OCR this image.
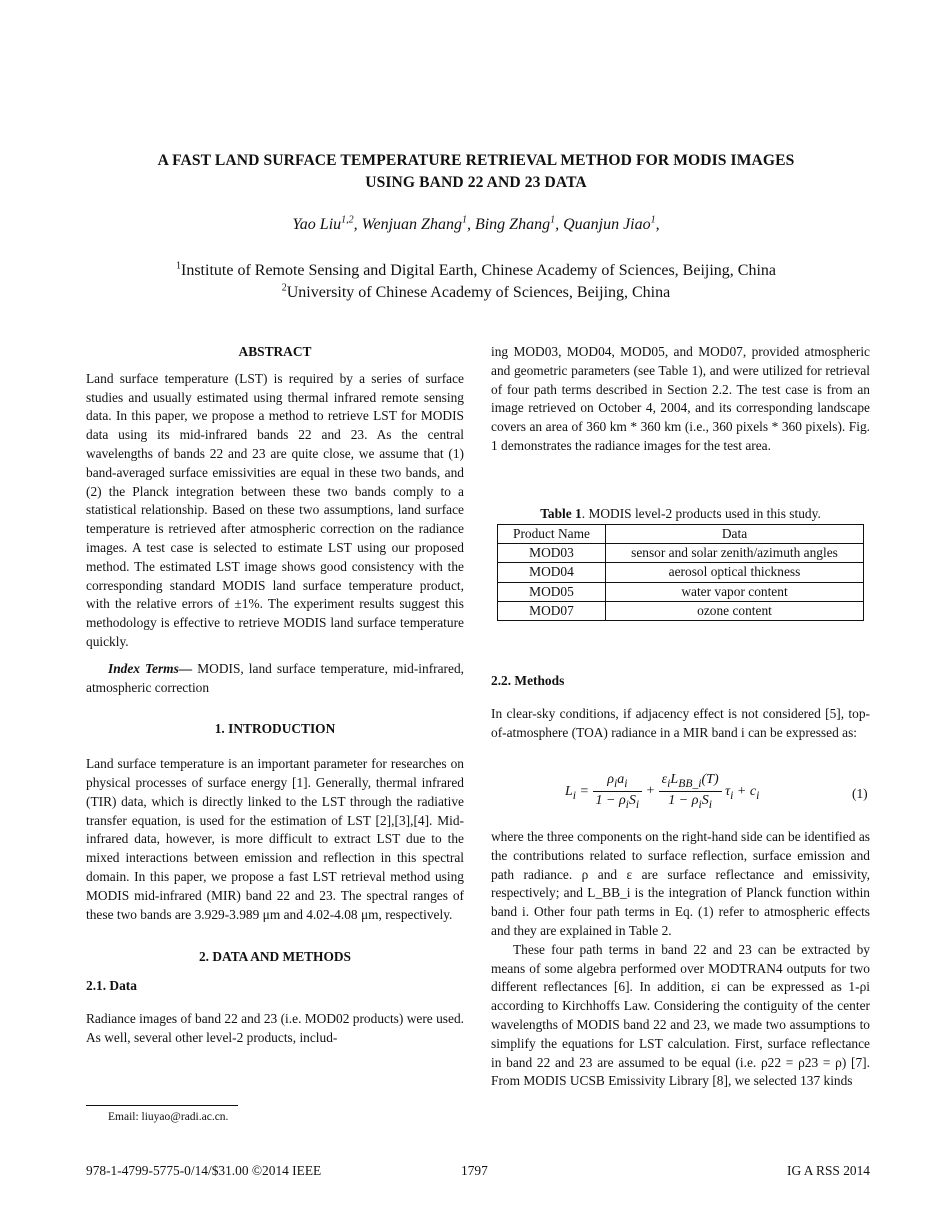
A FAST LAND SURFACE TEMPERATURE RETRIEVAL METHOD FOR MODIS IMAGES
USING BAND 22 AND 23 DATA
Yao Liu$^{1,2}$, Wenjuan Zhang$^1$, Bing Zhang$^1$, Quanjun Jiao$^1$,
$^1$Institute of Remote Sensing and Digital Earth, Chinese Academy of Sciences, Beijing, China
$^2$University of Chinese Academy of Sciences, Beijing, China
ABSTRACT

Land surface temperature (LST) is required by a series of surface studies and usually estimated using thermal infrared remote sensing data. In this paper, we propose a method to retrieve LST for MODIS data using its mid-infrared bands 22 and 23. As the central wavelengths of bands 22 and 23 are quite close, we assume that (1) band-averaged surface emissivities are equal in these two bands, and (2) the Planck integration between these two bands comply to a statistical relationship. Based on these two assumptions, land surface temperature is retrieved after atmospheric correction on the radiance images. A test case is selected to estimate LST using our proposed method. The estimated LST image shows good consistency with the corresponding standard MODIS land surface temperature product, with the relative errors of ±1%. The experiment results suggest this methodology is effective to retrieve MODIS land surface temperature quickly.

Index Terms— MODIS, land surface temperature, mid-infrared, atmospheric correction

1. INTRODUCTION

Land surface temperature is an important parameter for researches on physical processes of surface energy [1]. Generally, thermal infrared (TIR) data, which is directly linked to the LST through the radiative transfer equation, is used for the estimation of LST [2],[3],[4]. Mid-infrared data, however, is more difficult to extract LST due to the mixed interactions between emission and reflection in this spectral domain. In this paper, we propose a fast LST retrieval method using MODIS mid-infrared (MIR) band 22 and 23. The spectral ranges of these two bands are 3.929-3.989 μm and 4.02-4.08 μm, respectively.

2. DATA AND METHODS
2.1. Data

Radiance images of band 22 and 23 (i.e. MOD02 products) were used. As well, several other level-2 products, includ-

Email: liuyao@radi.ac.cn.

ing MOD03, MOD04, MOD05, and MOD07, provided atmospheric and geometric parameters (see Table 1), and were utilized for retrieval of four path terms described in Section 2.2. The test case is from an image retrieved on October 4, 2004, and its corresponding landscape covers an area of 360 km * 360 km (i.e., 360 pixels * 360 pixels). Fig. 1 demonstrates the radiance images for the test area.

Table 1. MODIS level-2 products used in this study.
Product Name	Data
MOD03	sensor and solar zenith/azimuth angles
MOD04	aerosol optical thickness
MOD05	water vapor content
MOD07	ozone content
2.2. Methods

In clear-sky conditions, if adjacency effect is not considered [5], top-of-atmosphere (TOA) radiance in a MIR band i can be expressed as:

$L_i = \frac{\rho_ia_i}{1 - \rho_iS_i} + \frac{\varepsilon_iL_{BB\_i}(T)}{1 - \rho_iS_i} \tau_i + c_i$	(1)

where the three components on the right-hand side can be identified as the contributions related to surface reflection, surface emission and path radiance. ρ and ε are surface reflectance and emissivity, respectively; and L_BB_i is the integration of Planck function within band i. Other four path terms in Eq. (1) refer to atmospheric effects and they are explained in Table 2.

These four path terms in band 22 and 23 can be extracted by means of some algebra performed over MODTRAN4 outputs for two different reflectances [6]. In addition, εi can be expressed as 1-ρi according to Kirchhoffs Law. Considering the contiguity of the center wavelengths of MODIS band 22 and 23, we made two assumptions to simplify the equations for LST calculation. First, surface reflectance in band 22 and 23 are assumed to be equal (i.e. ρ22 = ρ23 = ρ) [7]. From MODIS UCSB Emissivity Library [8], we selected 137 kinds

978-1-4799-5775-0/14/$31.00 ©2014 IEEE	1797	IG A RSS 2014
